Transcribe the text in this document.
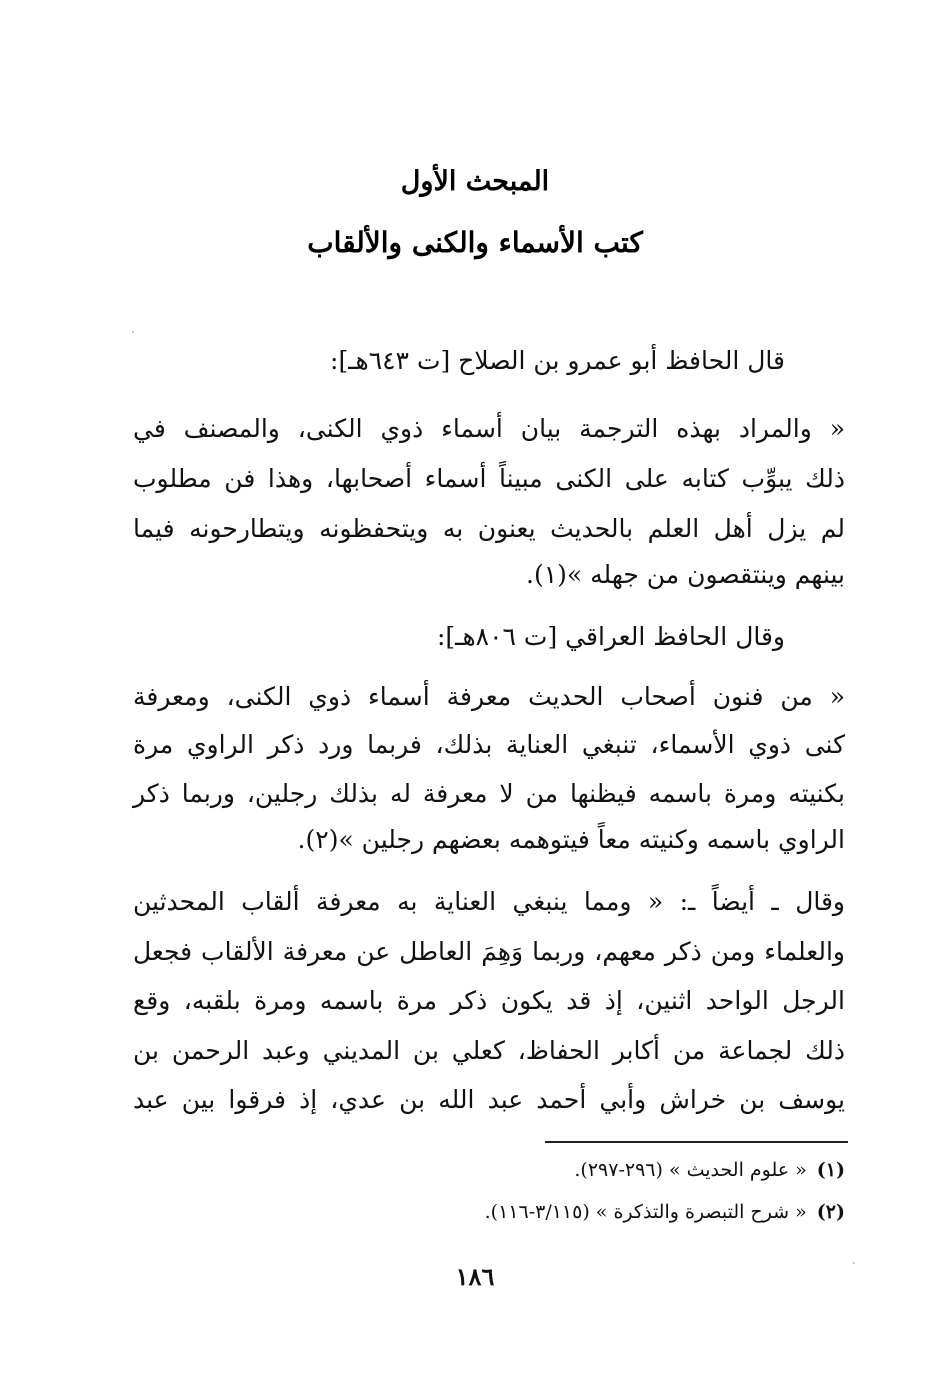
المبحث الأول
كتب الأسماء والكنى والألقاب
قال الحافظ أبو عمرو بن الصلاح [ت ٦٤٣هـ]:
« والمراد بهذه الترجمة بيان أسماء ذوي الكنى، والمصنف في
ذلك يبوِّب كتابه على الكنى مبيناً أسماء أصحابها، وهذا فن مطلوب
لم يزل أهل العلم بالحديث يعنون به ويتحفظونه ويتطارحونه فيما
بينهم وينتقصون من جهله »(١).
وقال الحافظ العراقي [ت ٨٠٦هـ]:
« من فنون أصحاب الحديث معرفة أسماء ذوي الكنى، ومعرفة
كنى ذوي الأسماء، تنبغي العناية بذلك، فربما ورد ذكر الراوي مرة
بكنيته ومرة باسمه فيظنها من لا معرفة له بذلك رجلين، وربما ذكر
الراوي باسمه وكنيته معاً فيتوهمه بعضهم رجلين »(٢).
وقال ـ أيضاً ـ: « ومما ينبغي العناية به معرفة ألقاب المحدثين
والعلماء ومن ذكر معهم، وربما وَهِمَ العاطل عن معرفة الألقاب فجعل
الرجل الواحد اثنين، إذ قد يكون ذكر مرة باسمه ومرة بلقبه، وقع
ذلك لجماعة من أكابر الحفاظ، كعلي بن المديني وعبد الرحمن بن
يوسف بن خراش وأبي أحمد عبد الله بن عدي، إذ فرقوا بين عبد
(١)« علوم الحديث » (٢٩٦-٢٩٧).
(٢)« شرح التبصرة والتذكرة » (٣/١١٥-١١٦).
١٨٦
